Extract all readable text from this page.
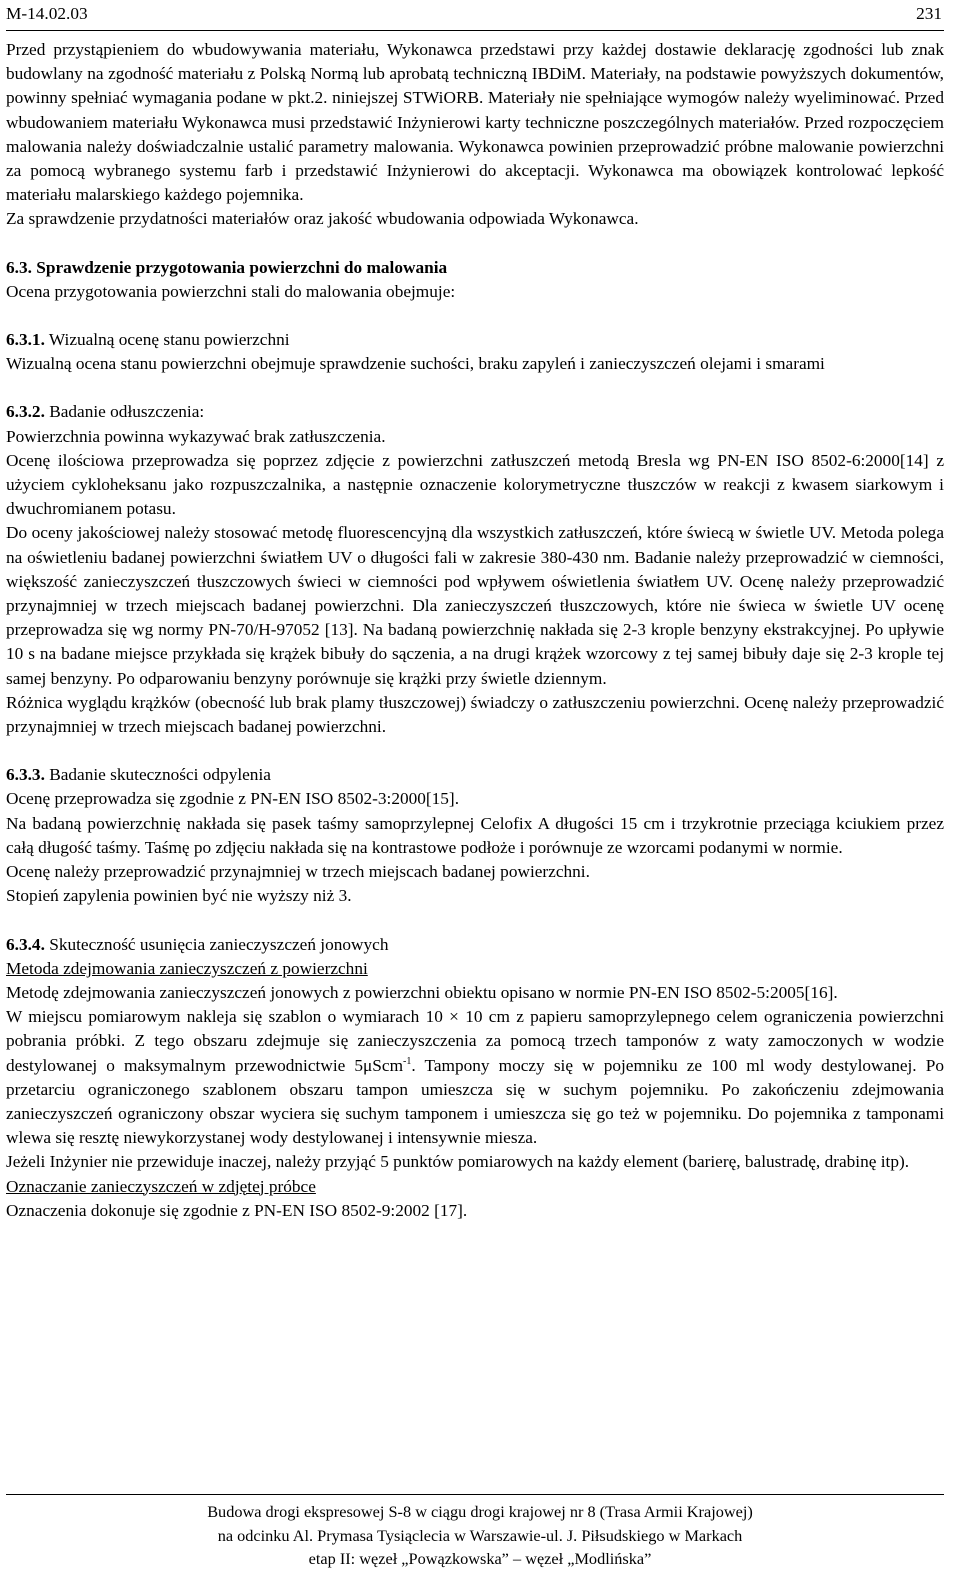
M-14.02.03	231

Przed przystąpieniem do wbudowywania materiału, Wykonawca przedstawi przy każdej dostawie deklarację zgodności lub znak budowlany na zgodność materiału z Polską Normą lub aprobatą techniczną IBDiM. Materiały, na podstawie powyższych dokumentów, powinny spełniać wymagania podane w pkt.2. niniejszej STWiORB. Materiały nie spełniające wymogów należy wyeliminować. Przed wbudowaniem materiału Wykonawca musi przedstawić Inżynierowi karty techniczne poszczególnych materiałów. Przed rozpoczęciem malowania należy doświadczalnie ustalić parametry malowania. Wykonawca powinien przeprowadzić próbne malowanie powierzchni za pomocą wybranego systemu farb i przedstawić Inżynierowi do akceptacji. Wykonawca ma obowiązek kontrolować lepkość materiału malarskiego każdego pojemnika.

Za sprawdzenie przydatności materiałów oraz jakość wbudowania odpowiada Wykonawca.

6.3. Sprawdzenie przygotowania powierzchni do malowania

Ocena przygotowania powierzchni stali do malowania obejmuje:

6.3.1. Wizualną ocenę stanu powierzchni

Wizualną ocena stanu powierzchni obejmuje sprawdzenie suchości, braku zapyleń i zanieczyszczeń olejami i smarami

6.3.2. Badanie odłuszczenia:

Powierzchnia powinna wykazywać brak zatłuszczenia.

Ocenę ilościowa przeprowadza się poprzez zdjęcie z powierzchni zatłuszczeń metodą Bresla wg PN-EN ISO 8502-6:2000[14] z użyciem cykloheksanu jako rozpuszczalnika, a następnie oznaczenie kolorymetryczne tłuszczów w reakcji z kwasem siarkowym i dwuchromianem potasu.

Do oceny jakościowej należy stosować metodę fluorescencyjną dla wszystkich zatłuszczeń, które świecą w świetle UV. Metoda polega na oświetleniu badanej powierzchni światłem UV o długości fali w zakresie 380-430 nm. Badanie należy przeprowadzić w ciemności, większość zanieczyszczeń tłuszczowych świeci w ciemności pod wpływem oświetlenia światłem UV. Ocenę należy przeprowadzić przynajmniej w trzech miejscach badanej powierzchni. Dla zanieczyszczeń tłuszczowych, które nie świeca w świetle UV ocenę przeprowadza się wg normy PN-70/H-97052 [13]. Na badaną powierzchnię nakłada się 2-3 krople benzyny ekstrakcyjnej. Po upływie 10 s na badane miejsce przykłada się krążek bibuły do sączenia, a na drugi krążek wzorcowy z tej samej bibuły daje się 2-3 krople tej samej benzyny. Po odparowaniu benzyny porównuje się krążki przy świetle dziennym.

Różnica wyglądu krążków (obecność lub brak plamy tłuszczowej) świadczy o zatłuszczeniu powierzchni. Ocenę należy przeprowadzić przynajmniej w trzech miejscach badanej powierzchni.

6.3.3. Badanie skuteczności odpylenia

Ocenę przeprowadza się zgodnie z PN-EN ISO 8502-3:2000[15].

Na badaną powierzchnię nakłada się pasek taśmy samoprzylepnej Celofix A długości 15 cm i trzykrotnie przeciąga kciukiem przez całą długość taśmy. Taśmę po zdjęciu nakłada się na kontrastowe podłoże i porównuje ze wzorcami podanymi w normie.

Ocenę należy przeprowadzić przynajmniej w trzech miejscach badanej powierzchni.

Stopień zapylenia powinien być nie wyższy niż 3.

6.3.4. Skuteczność usunięcia zanieczyszczeń jonowych

Metoda zdejmowania zanieczyszczeń z powierzchni

Metodę zdejmowania zanieczyszczeń jonowych z powierzchni obiektu opisano w normie PN-EN ISO 8502-5:2005[16].

W miejscu pomiarowym nakleja się szablon o wymiarach 10 × 10 cm z papieru samoprzylepnego celem ograniczenia powierzchni pobrania próbki. Z tego obszaru zdejmuje się zanieczyszczenia za pomocą trzech tamponów z waty zamoczonych w wodzie destylowanej o maksymalnym przewodnictwie 5μScm$^{-1}$. Tampony moczy się w pojemniku ze 100 ml wody destylowanej. Po przetarciu ograniczonego szablonem obszaru tampon umieszcza się w suchym pojemniku. Po zakończeniu zdejmowania zanieczyszczeń ograniczony obszar wyciera się suchym tamponem i umieszcza się go też w pojemniku. Do pojemnika z tamponami wlewa się resztę niewykorzystanej wody destylowanej i intensywnie miesza.

Jeżeli Inżynier nie przewiduje inaczej, należy przyjąć 5 punktów pomiarowych na każdy element (barierę, balustradę, drabinę itp).

Oznaczanie zanieczyszczeń w zdjętej próbce

Oznaczenia dokonuje się zgodnie z PN-EN ISO 8502-9:2002 [17].

Budowa drogi ekspresowej S-8 w ciągu drogi krajowej nr 8 (Trasa Armii Krajowej)
na odcinku Al. Prymasa Tysiąclecia w Warszawie-ul. J. Piłsudskiego w Markach
etap II: węzeł „Powązkowska” – węzeł „Modlińska”
